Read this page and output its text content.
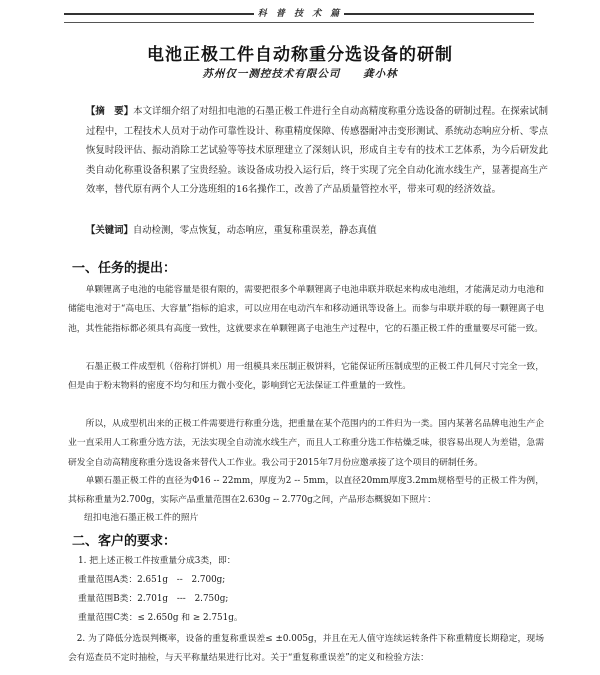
科 普 技 术 篇
电池正极工件自动称重分选设备的研制
苏州仅一测控技术有限公司 龚小林
【摘　要】本文详细介绍了对纽扣电池的石墨正极工件进行全自动高精度称重分选设备的研制过程。在探索试制过程中，工程技术人员对于动作可靠性设计、称重精度保障、传感器耐冲击变形测试、系统动态响应分析、零点恢复时段评估、振动消除工艺试验等等技术原理建立了深刻认识，形成自主专有的技术工艺体系，为今后研发此类自动化称重设备积累了宝贵经验。该设备成功投入运行后，终于实现了完全自动化流水线生产，显著提高生产效率，替代原有两个人工分选班组的16名操作工，改善了产品质量管控水平，带来可观的经济效益。
【关键词】自动检测，零点恢复，动态响应，重复称重误差，静态真值
一、任务的提出：
单颗锂离子电池的电能容量是很有限的，需要把很多个单颗锂离子电池串联并联起来构成电池组，才能满足动力电池和储能电池对于“高电压、大容量”指标的追求，可以应用在电动汽车和移动通讯等设备上。而参与串联并联的每一颗锂离子电池，其性能指标都必须具有高度一致性，这就要求在单颗锂离子电池生产过程中，它的石墨正极工件的重量要尽可能一致。
石墨正极工件成型机（俗称打饼机）用一组模具来压制正极饼料，它能保证所压制成型的正极工件几何尺寸完全一致，但是由于粉末物料的密度不均匀和压力微小变化，影响到它无法保证工件重量的一致性。
所以，从成型机出来的正极工件需要进行称重分选，把重量在某个范围内的工件归为一类。国内某著名品牌电池生产企业一直采用人工称重分选方法，无法实现全自动流水线生产，而且人工称重分选工作枯燥乏味，很容易出现人为差错，急需研发全自动高精度称重分选设备来替代人工作业。我公司于2015年7月份应邀承接了这个项目的研制任务。
单颗石墨正极工件的直径为Φ16 -- 22mm，厚度为2 -- 5mm，以直径20mm厚度3.2mm规格型号的正极工件为例，其标称重量为2.700g，实际产品重量范围在2.630g -- 2.770g之间，产品形态概貌如下照片：
纽扣电池石墨正极工件的照片
二、客户的要求：
1. 把上述正极工件按重量分成3类，即：
重量范围A类：2.651g　--　2.700g;
重量范围B类：2.701g　---　2.750g;
重量范围C类：≤ 2.650g 和 ≥ 2.751g。
2. 为了降低分选误判概率，设备的重复称重误差≤ ±0.005g，并且在无人值守连续运转条件下称重精度长期稳定，现场会有巡查员不定时抽检，与天平称量结果进行比对。关于“重复称重误差”的定义和检验方法：
